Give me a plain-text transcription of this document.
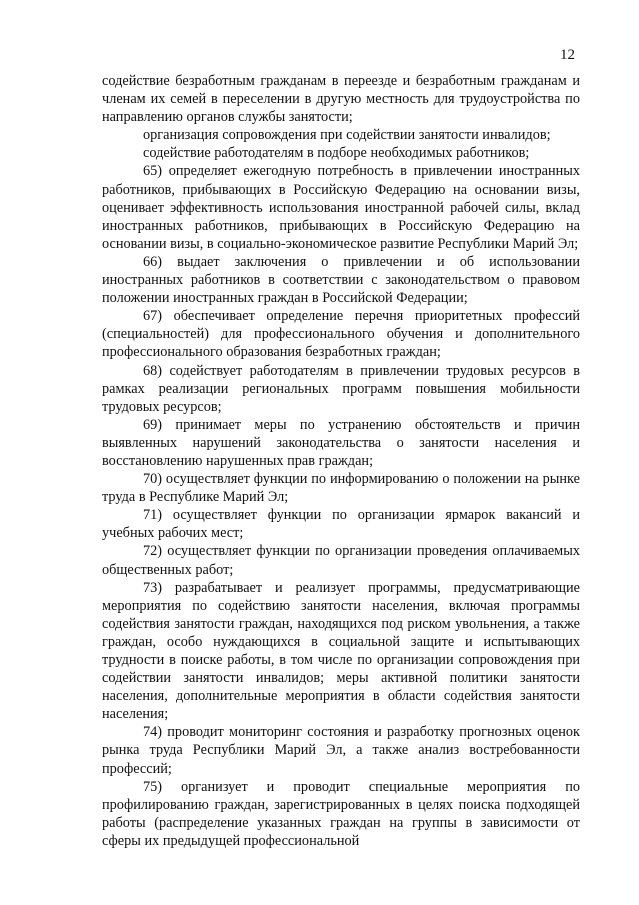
12

содействие безработным гражданам в переезде и безработным гражданам и членам их семей в переселении в другую местность для трудоустройства по направлению органов службы занятости;

организация сопровождения при содействии занятости инвалидов;

содействие работодателям в подборе необходимых работников;

65) определяет ежегодную потребность в привлечении иностранных работников, прибывающих в Российскую Федерацию на основании визы, оценивает эффективность использования иностранной рабочей силы, вклад иностранных работников, прибывающих в Российскую Федерацию на основании визы, в социально-экономическое развитие Республики Марий Эл;

66) выдает заключения о привлечении и об использовании иностранных работников в соответствии с законодательством о правовом положении иностранных граждан в Российской Федерации;

67) обеспечивает определение перечня приоритетных профессий (специальностей) для профессионального обучения и дополнительного профессионального образования безработных граждан;

68) содействует работодателям в привлечении трудовых ресурсов в рамках реализации региональных программ повышения мобильности трудовых ресурсов;

69) принимает меры по устранению обстоятельств и причин выявленных нарушений законодательства о занятости населения и восстановлению нарушенных прав граждан;

70) осуществляет функции по информированию о положении на рынке труда в Республике Марий Эл;

71) осуществляет функции по организации ярмарок вакансий и учебных рабочих мест;

72) осуществляет функции по организации проведения оплачиваемых общественных работ;

73) разрабатывает и реализует программы, предусматривающие мероприятия по содействию занятости населения, включая программы содействия занятости граждан, находящихся под риском увольнения, а также граждан, особо нуждающихся в социальной защите и испытывающих трудности в поиске работы, в том числе по организации сопровождения при содействии занятости инвалидов; меры активной политики занятости населения, дополнительные мероприятия в области содействия занятости населения;

74) проводит мониторинг состояния и разработку прогнозных оценок рынка труда Республики Марий Эл, а также анализ востребованности профессий;

75) организует и проводит специальные мероприятия по профилированию граждан, зарегистрированных в целях поиска подходящей работы (распределение указанных граждан на группы в зависимости от сферы их предыдущей профессиональной
